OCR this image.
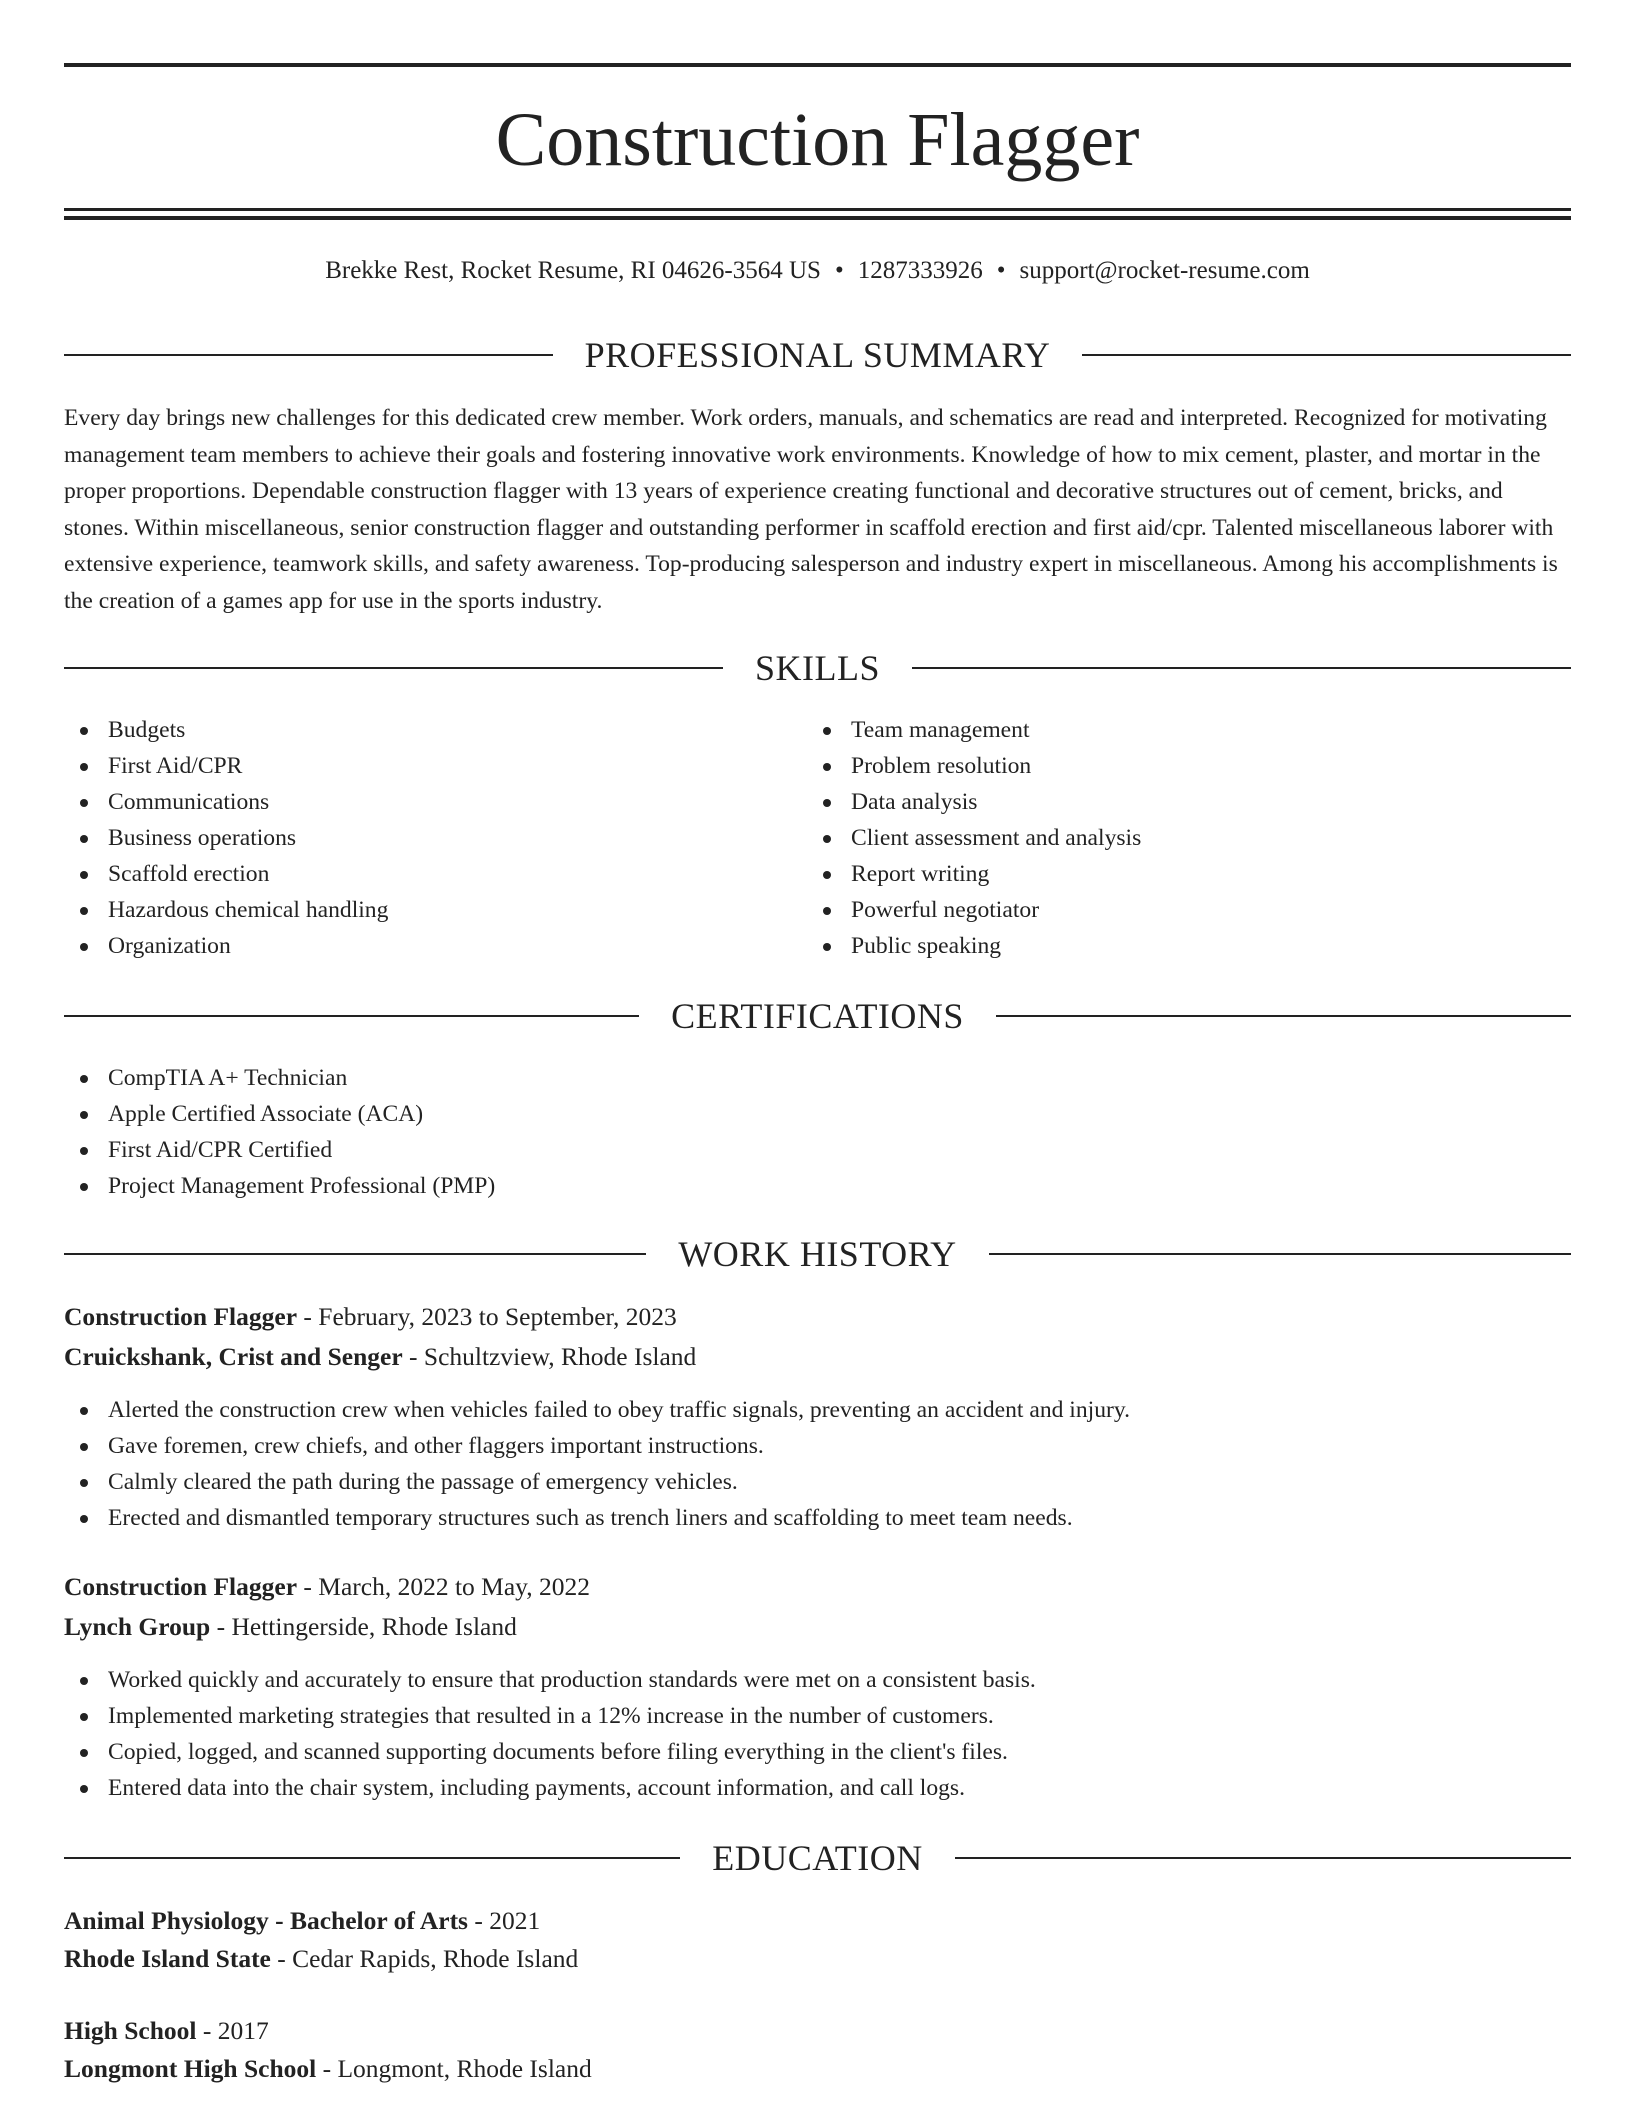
Construction Flagger
Brekke Rest, Rocket Resume, RI 04626-3564 US • 1287333926 • support@rocket-resume.com
PROFESSIONAL SUMMARY

Every day brings new challenges for this dedicated crew member. Work orders, manuals, and schematics are read and interpreted. Recognized for motivating management team members to achieve their goals and fostering innovative work environments. Knowledge of how to mix cement, plaster, and mortar in the proper proportions. Dependable construction flagger with 13 years of experience creating functional and decorative structures out of cement, bricks, and stones. Within miscellaneous, senior construction flagger and outstanding performer in scaffold erection and first aid/cpr. Talented miscellaneous laborer with extensive experience, teamwork skills, and safety awareness. Top-producing salesperson and industry expert in miscellaneous. Among his accomplishments is the creation of a games app for use in the sports industry.

SKILLS
Budgets
First Aid/CPR
Communications
Business operations
Scaffold erection
Hazardous chemical handling
Organization
Team management
Problem resolution
Data analysis
Client assessment and analysis
Report writing
Powerful negotiator
Public speaking
CERTIFICATIONS
CompTIA A+ Technician
Apple Certified Associate (ACA)
First Aid/CPR Certified
Project Management Professional (PMP)
WORK HISTORY
Construction Flagger - February, 2023 to September, 2023
Cruickshank, Crist and Senger - Schultzview, Rhode Island
Alerted the construction crew when vehicles failed to obey traffic signals, preventing an accident and injury.
Gave foremen, crew chiefs, and other flaggers important instructions.
Calmly cleared the path during the passage of emergency vehicles.
Erected and dismantled temporary structures such as trench liners and scaffolding to meet team needs.
Construction Flagger - March, 2022 to May, 2022
Lynch Group - Hettingerside, Rhode Island
Worked quickly and accurately to ensure that production standards were met on a consistent basis.
Implemented marketing strategies that resulted in a 12% increase in the number of customers.
Copied, logged, and scanned supporting documents before filing everything in the client's files.
Entered data into the chair system, including payments, account information, and call logs.
EDUCATION
Animal Physiology - Bachelor of Arts - 2021
Rhode Island State - Cedar Rapids, Rhode Island
High School - 2017
Longmont High School - Longmont, Rhode Island
